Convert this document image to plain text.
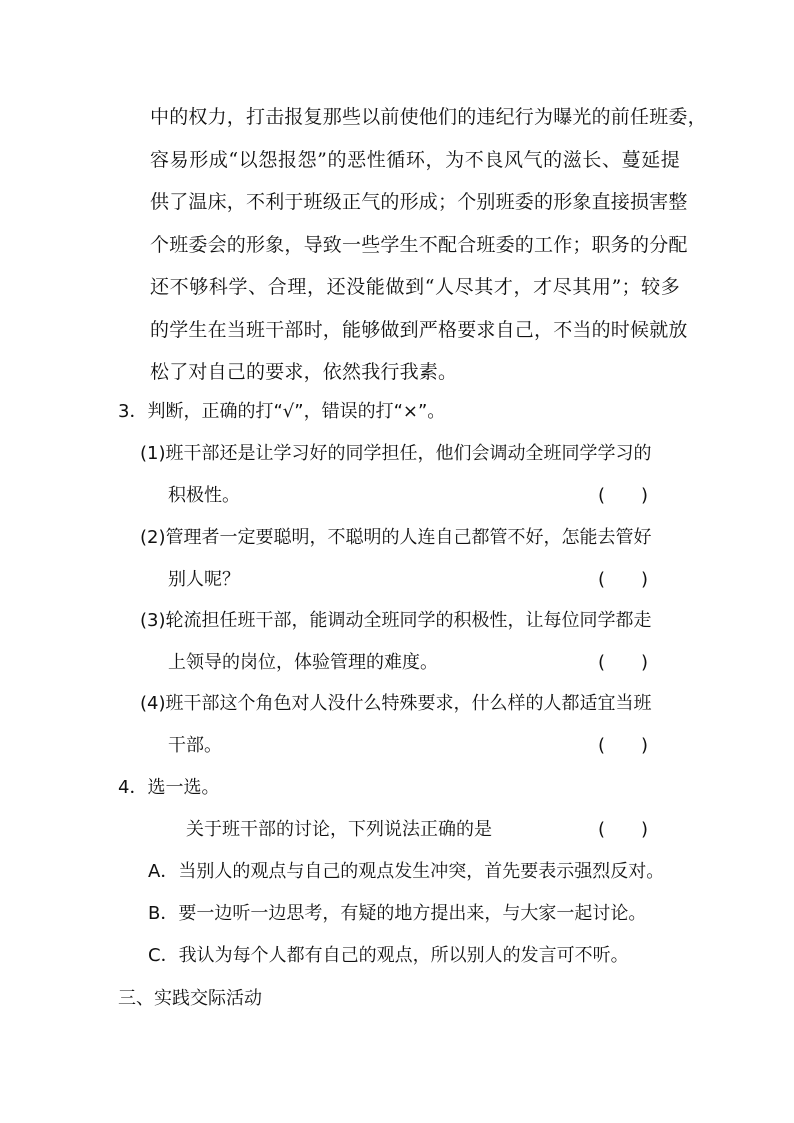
中的权力，打击报复那些以前使他们的违纪行为曝光的前任班委，
容易形成“以怨报怨”的恶性循环，为不良风气的滋长、蔓延提
供了温床，不利于班级正气的形成；个别班委的形象直接损害整
个班委会的形象，导致一些学生不配合班委的工作；职务的分配
还不够科学、合理，还没能做到“人尽其才，才尽其用”；较多
的学生在当班干部时，能够做到严格要求自己，不当的时候就放
松了对自己的要求，依然我行我素。
3．判断，正确的打“√”，错误的打“×”。
(1)班干部还是让学习好的同学担任，他们会调动全班同学学习的
积极性。	(　　)
(2)管理者一定要聪明，不聪明的人连自己都管不好，怎能去管好
别人呢？	(　　)
(3)轮流担任班干部，能调动全班同学的积极性，让每位同学都走
上领导的岗位，体验管理的难度。	(　　)
(4)班干部这个角色对人没什么特殊要求，什么样的人都适宜当班
干部。	(　　)
4．选一选。
关于班干部的讨论，下列说法正确的是	(　　)
A．当别人的观点与自己的观点发生冲突，首先要表示强烈反对。
B．要一边听一边思考，有疑的地方提出来，与大家一起讨论。
C．我认为每个人都有自己的观点，所以别人的发言可不听。
三、实践交际活动
